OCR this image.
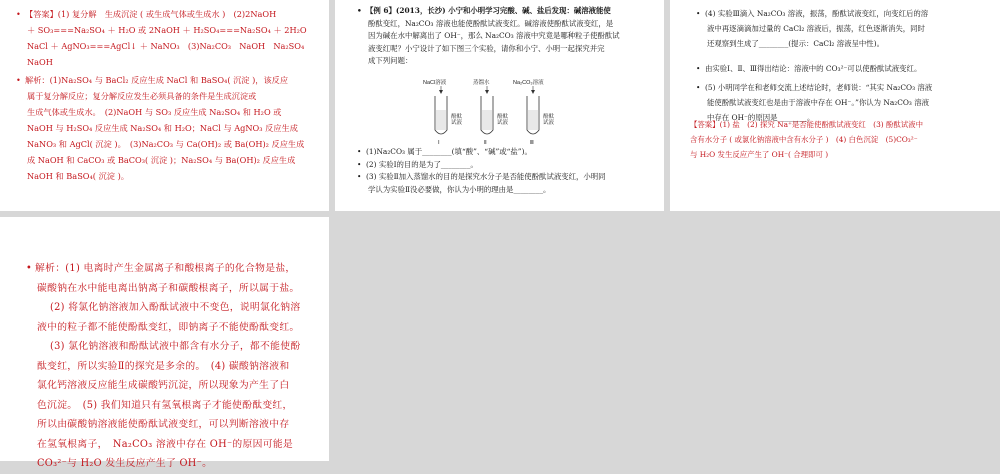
• 【答案】(1) 复分解　生成沉淀 ( 或生成气体或生成水 )　(2)2NaOH

＋ SO₃===Na₂SO₄ ＋ H₂O 或 2NaOH ＋ H₂SO₄===Na₂SO₄ ＋ 2H₂O

NaCl ＋ AgNO₃===AgCl↓ ＋ NaNO₃　(3)Na₂CO₃　NaOH　Na₂SO₄

NaOH

• 解析：(1)Na₂SO₄ 与 BaCl₂ 反应生成 NaCl 和 BaSO₄( 沉淀 )，该反应

属于复分解反应；复分解反应发生必须具备的条件是生成沉淀或

生成气体或生成水。　(2)NaOH 与 SO₃ 反应生成 Na₂SO₄ 和 H₂O 或

NaOH 与 H₂SO₄ 反应生成 Na₂SO₄ 和 H₂O；NaCl 与 AgNO₃ 反应生成

NaNO₃ 和 AgCl( 沉淀 )。　(3)Na₂CO₃ 与 Ca(OH)₂ 或 Ba(OH)₂ 反应生成

成 NaOH 和 CaCO₃ 或 BaCO₃( 沉淀 )；Na₂SO₄ 与 Ba(OH)₂ 反应生成

NaOH 和 BaSO₄( 沉淀 )。

• 【例 6】(2013，长沙) 小宁和小明学习完酸、碱、盐后发现：碱溶液能使

酚酞变红，Na₂CO₃ 溶液也能使酚酞试液变红。碱溶液使酚酞试液变红，是

因为碱在水中解离出了 OH⁻，那么 Na₂CO₃ 溶液中究竟是哪种粒子使酚酞试

液变红呢？小宁设计了如下图三个实验，请你和小宁、小明一起探究并完

成下列问题：

NaCl溶液
酚酞试液
Ⅰ
蒸馏水
酚酞试液
Ⅱ
Na₂CO₃溶液
酚酞试液
Ⅲ

• (1)Na₂CO₃ 属于________(填“酸”、“碱”或“盐”)。

• (2) 实验Ⅰ的目的是为了________。

• (3) 实验Ⅱ加入蒸馏水的目的是探究水分子是否能使酚酞试液变红，小明同

学认为实验Ⅱ没必要做，你认为小明的理由是________。

• (4) 实验Ⅲ滴入 Na₂CO₃ 溶液，振荡，酚酞试液变红，向变红后的溶

液中再逐滴滴加过量的 CaCl₂ 溶液后，振荡，红色逐渐消失，同时

还观察到生成了________(提示：CaCl₂ 溶液呈中性)。

• 由实验Ⅰ、Ⅱ、Ⅲ得出结论：溶液中的 CO₃²⁻可以使酚酞试液变红。

• (5) 小明同学在和老师交流上述结论时，老师说：“其实 Na₂CO₃ 溶液

能使酚酞试液变红也是由于溶液中存在 OH⁻。”你认为 Na₂CO₃ 溶液

中存在 OH⁻的原因是________。

【答案】(1) 盐　(2) 探究 Na⁺是否能使酚酞试液变红　(3) 酚酞试液中

含有水分子 ( 或氯化钠溶液中含有水分子 )　(4) 白色沉淀　(5)CO₃²⁻

与 H₂O 发生反应产生了 OH⁻( 合理即可 )

• 解析：(1) 电离时产生金属离子和酸根离子的化合物是盐，

碳酸钠在水中能电离出钠离子和碳酸根离子，所以属于盐。

(2) 将氯化钠溶液加入酚酞试液中不变色，说明氯化钠溶

液中的粒子都不能使酚酞变红，即钠离子不能使酚酞变红。

(3) 氯化钠溶液和酚酞试液中都含有水分子，都不能使酚

酞变红，所以实验Ⅱ的探究是多余的。　(4) 碳酸钠溶液和

氯化钙溶液反应能生成碳酸钙沉淀，所以现象为产生了白

色沉淀。　(5) 我们知道只有氢氧根离子才能使酚酞变红，

所以由碳酸钠溶液能使酚酞试液变红，可以判断溶液中存

在氢氧根离子，　Na₂CO₃ 溶液中存在 OH⁻的原因可能是

CO₃²⁻与 H₂O 发生反应产生了 OH⁻。
